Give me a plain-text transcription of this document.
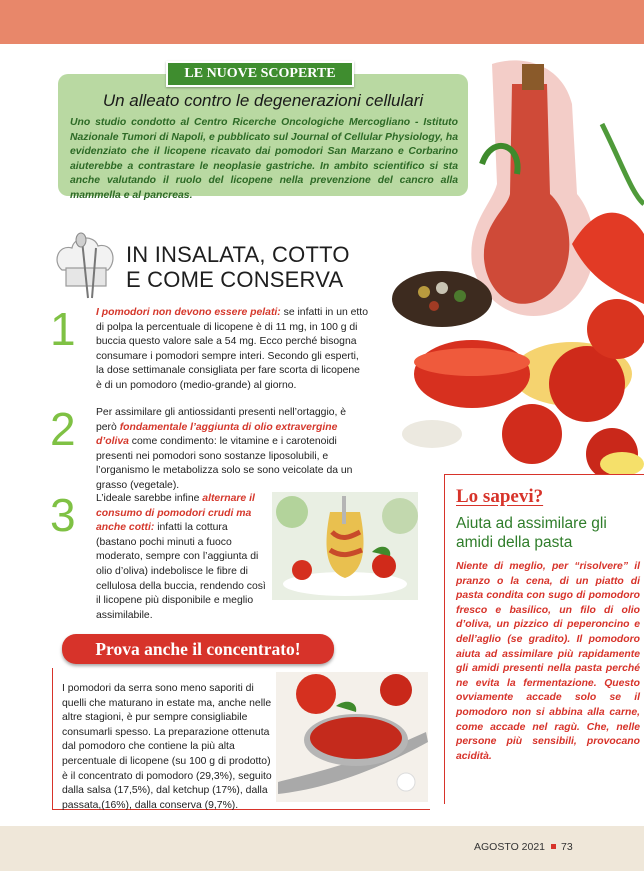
LE NUOVE SCOPERTE
Un alleato contro le degenerazioni cellulari
Uno studio condotto al Centro Ricerche Oncologiche Mercogliano - Istituto Nazionale Tumori di Napoli, e pubblicato sul Journal of Cellular Physiology, ha evidenziato che il licopene ricavato dai pomodori San Marzano e Corbarino aiuterebbe a contrastare le neoplasie gastriche. In ambito scientifico si sta anche valutando il ruolo del licopene nella prevenzione del cancro alla mammella e al pancreas.
IN INSALATA, COTTO
E COME CONSERVA
1 I pomodori non devono essere pelati: se infatti in un etto di polpa la percentuale di licopene è di 11 mg, in 100 g di buccia questo valore sale a 54 mg. Ecco perché bisogna consumare i pomodori sempre interi. Secondo gli esperti, la dose settimanale consigliata per fare scorta di licopene è di un pomodoro (medio-grande) al giorno.
2 Per assimilare gli antiossidanti presenti nell’ortaggio, è però fondamentale l’aggiunta di olio extravergine d’oliva come condimento: le vitamine e i carotenoidi presenti nei pomodori sono sostanze liposolubili, e l’organismo le metabolizza solo se sono veicolate da un grasso (vegetale).
3 L’ideale sarebbe infine alternare il consumo di pomodori crudi ma anche cotti: infatti la cottura (bastano pochi minuti a fuoco moderato, sempre con l’aggiunta di olio d’oliva) indebolisce le fibre di cellulosa della buccia, rendendo così il licopene più disponibile e meglio assimilabile.
Prova anche il concentrato!
I pomodori da serra sono meno saporiti di quelli che maturano in estate ma, anche nelle altre stagioni, è pur sempre consigliabile consumarli spesso. La preparazione ottenuta dal pomodoro che contiene la più alta percentuale di licopene (su 100 g di prodotto) è il concentrato di pomodoro (29,3%), seguito dalla salsa (17,5%), dal ketchup (17%), dalla passata,(16%), dalla conserva (9,7%).
Lo sapevi?
Aiuta ad assimilare gli amidi della pasta
Niente di meglio, per “risolvere” il pranzo o la cena, di un piatto di pasta condita con sugo di pomodoro fresco e basilico, un filo di olio d’oliva, un pizzico di peperoncino e dell’aglio (se gradito). Il pomodoro aiuta ad assimilare più rapidamente gli amidi presenti nella pasta perché ne evita la fermentazione. Questo ovviamente accade solo se il pomodoro non si abbina alla carne, come accade nel ragù. Che, nelle persone più sensibili, provocano acidità.
AGOSTO 2021 73
